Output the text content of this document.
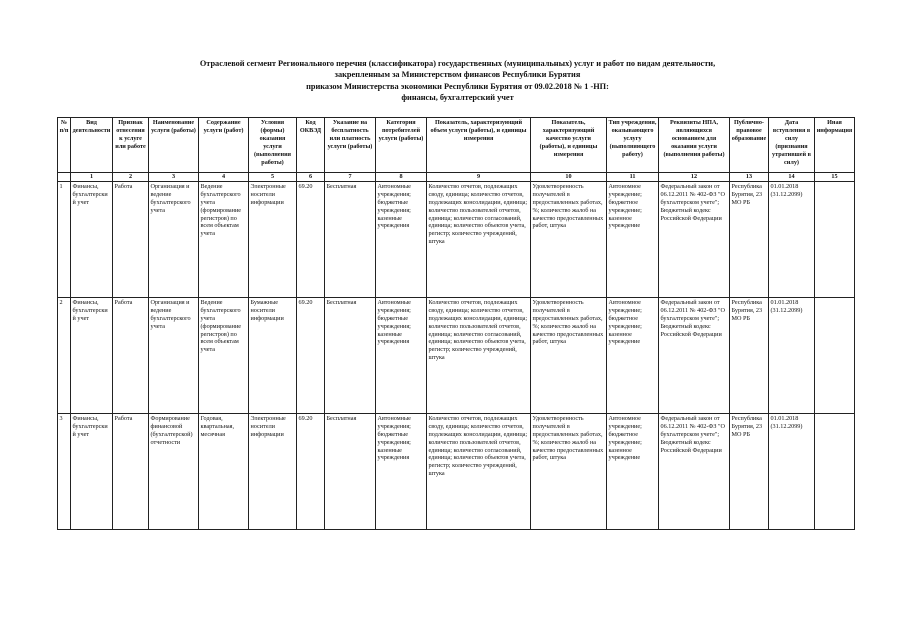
Отраслевой сегмент Регионального перечня (классификатора) государственных (муниципальных) услуг и работ по видам деятельности,
закрепленным за Министерством финансов Республики Бурятия
приказом Министерства экономики Республики Бурятия от 09.02.2018 № 1 -НП:
финансы, бухгалтерский учет
№ п/п	Вид деятельности	Признак отнесения к услуге или работе	Наименование услуги (работы)	Содержание услуги (работ)	Условия (формы) оказания услуги (выполнения работы)	Код ОКВЭД	Указание на бесплатность или платность услуги (работы)	Категория потребителей услуги (работы)	Показатель, характеризующий объем услуги (работы), и единицы измерения	Показатель, характеризующий качество услуги (работы), и единицы измерения	Тип учреждения, оказывающего услугу (выполняющего работу)	Реквизиты НПА, являющихся основанием для оказания услуги (выполнения работы)	Публично-правовое образование	Дата вступления в силу (признания утратившей в силу)	Иная информация
	1	2	3	4	5	6	7	8	9	10	11	12	13	14	15
1	Финансы, бухгалтерский учет	Работа	Организация и ведение бухгалтерского учета	Ведение бухгалтерского учета (формирование регистров) по всем объектам учета	Электронные носители информации	69.20	Бесплатная	Автономные учреждения; бюджетные учреждения; казенные учреждения	Количество отчетов, подлежащих своду, единица; количество отчетов, подлежащих консолидации, единица; количество пользователей отчетов, единица; количество согласований, единица; количество объектов учета, регистр; количество учреждений, штука	Удовлетворенность получателей в предоставленных работах, %; количество жалоб на качество предоставленных работ, штука	Автономное учреждение; бюджетное учреждение; казенное учреждение	Федеральный закон от 06.12.2011 № 402-ФЗ "О бухгалтерском учете"; Бюджетный кодекс Российской Федерации	Республика Бурятия, 23 МО РБ	01.01.2018 (31.12.2099)	
2	Финансы, бухгалтерский учет	Работа	Организация и ведение бухгалтерского учета	Ведение бухгалтерского учета (формирование регистров) по всем объектам учета	Бумажные носители информации	69.20	Бесплатная	Автономные учреждения; бюджетные учреждения; казенные учреждения	Количество отчетов, подлежащих своду, единица; количество отчетов, подлежащих консолидации, единица; количество пользователей отчетов, единица; количество согласований, единица; количество объектов учета, регистр; количество учреждений, штука	Удовлетворенность получателей в предоставленных работах, %; количество жалоб на качество предоставленных работ, штука	Автономное учреждение; бюджетное учреждение; казенное учреждение	Федеральный закон от 06.12.2011 № 402-ФЗ "О бухгалтерском учете"; Бюджетный кодекс Российской Федерации	Республика Бурятия, 23 МО РБ	01.01.2018 (31.12.2099)	
3	Финансы, бухгалтерский учет	Работа	Формирование финансовой (бухгалтерской) отчетности	Годовая, квартальная, месячная	Электронные носители информации	69.20	Бесплатная	Автономные учреждения; бюджетные учреждения; казенные учреждения	Количество отчетов, подлежащих своду, единица; количество отчетов, подлежащих консолидации, единица; количество пользователей отчетов, единица; количество согласований, единица; количество объектов учета, регистр; количество учреждений, штука	Удовлетворенность получателей в предоставленных работах, %; количество жалоб на качество предоставленных работ, штука	Автономное учреждение; бюджетное учреждение; казенное учреждение	Федеральный закон от 06.12.2011 № 402-ФЗ "О бухгалтерском учете"; Бюджетный кодекс Российской Федерации	Республика Бурятия, 23 МО РБ	01.01.2018 (31.12.2099)	
